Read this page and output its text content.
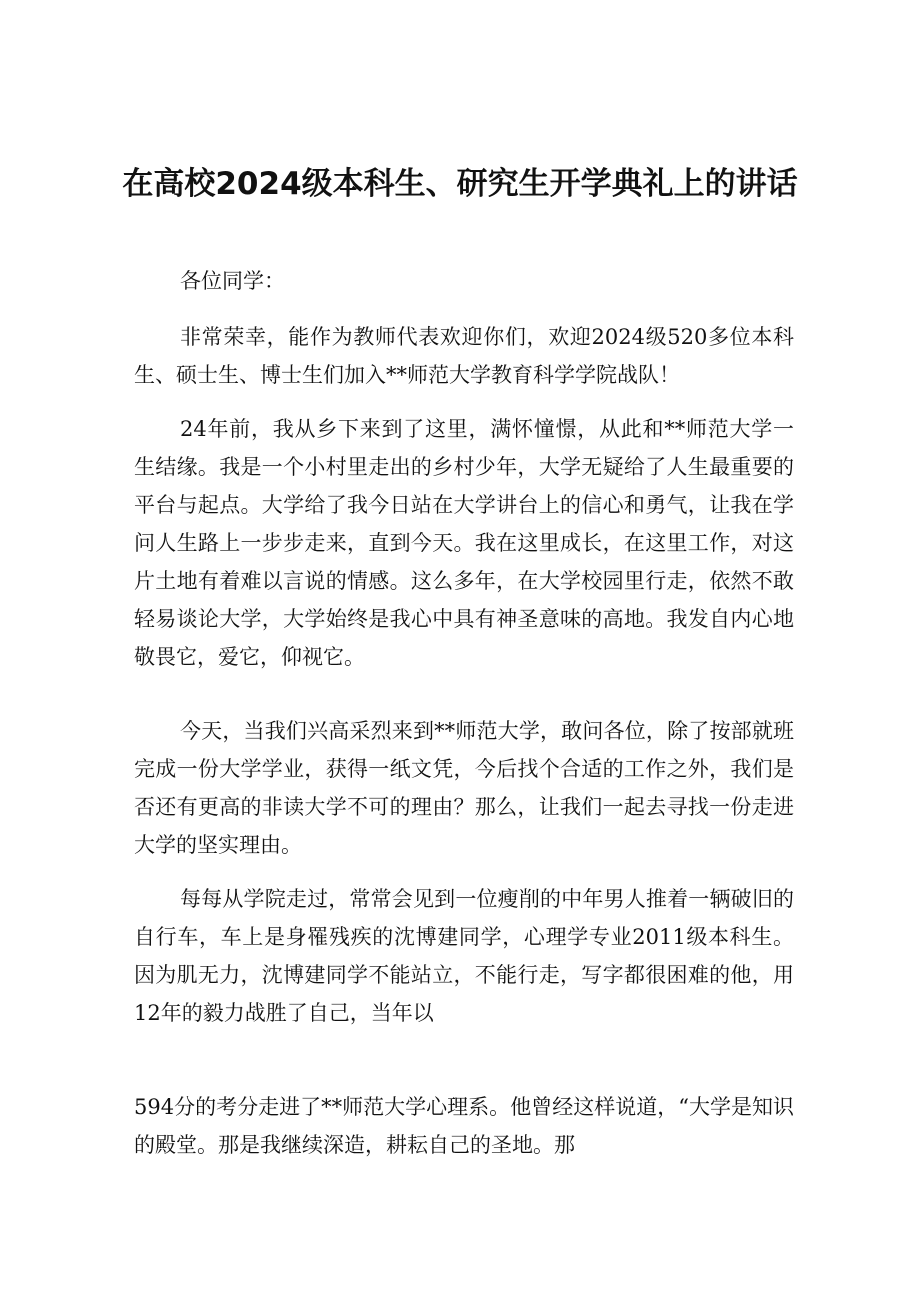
在高校2024级本科生、研究生开学典礼上的讲话

各位同学：

非常荣幸，能作为教师代表欢迎你们，欢迎2024级520多位本科生、硕士生、博士生们加入**师范大学教育科学学院战队！

24年前，我从乡下来到了这里，满怀憧憬，从此和**师范大学一生结缘。我是一个小村里走出的乡村少年，大学无疑给了人生最重要的平台与起点。大学给了我今日站在大学讲台上的信心和勇气，让我在学问人生路上一步步走来，直到今天。我在这里成长，在这里工作，对这片土地有着难以言说的情感。这么多年，在大学校园里行走，依然不敢轻易谈论大学，大学始终是我心中具有神圣意味的高地。我发自内心地敬畏它，爱它，仰视它。

今天，当我们兴高采烈来到**师范大学，敢问各位，除了按部就班完成一份大学学业，获得一纸文凭，今后找个合适的工作之外，我们是否还有更高的非读大学不可的理由？那么，让我们一起去寻找一份走进大学的坚实理由。

每每从学院走过，常常会见到一位瘦削的中年男人推着一辆破旧的自行车，车上是身罹残疾的沈博建同学，心理学专业2011级本科生。因为肌无力，沈博建同学不能站立，不能行走，写字都很困难的他，用12年的毅力战胜了自己，当年以

594分的考分走进了**师范大学心理系。他曾经这样说道，“大学是知识的殿堂。那是我继续深造，耕耘自己的圣地。那
